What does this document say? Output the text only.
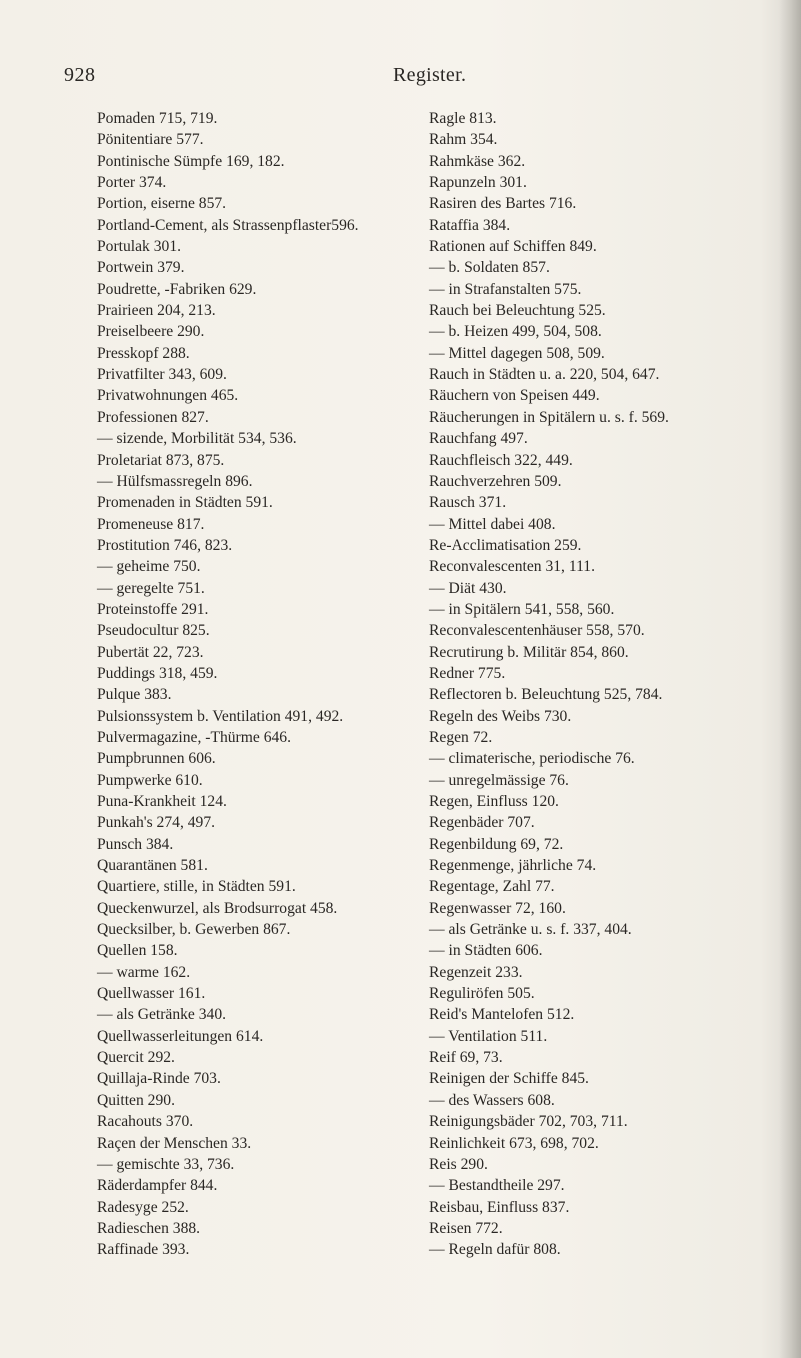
928	Register.
Pomaden 715, 719.
Pönitentiare 577.
Pontinische Sümpfe 169, 182.
Porter 374.
Portion, eiserne 857.
Portland-Cement, als Strassenpflaster596.
Portulak 301.
Portwein 379.
Poudrette, -Fabriken 629.
Prairieen 204, 213.
Preiselbeere 290.
Presskopf 288.
Privatfilter 343, 609.
Privatwohnungen 465.
Professionen 827.
— sizende, Morbilität 534, 536.
Proletariat 873, 875.
— Hülfsmassregeln 896.
Promenaden in Städten 591.
Promeneuse 817.
Prostitution 746, 823.
— geheime 750.
— geregelte 751.
Proteinstoffe 291.
Pseudocultur 825.
Pubertät 22, 723.
Puddings 318, 459.
Pulque 383.
Pulsionssystem b. Ventilation 491, 492.
Pulvermagazine, -Thürme 646.
Pumpbrunnen 606.
Pumpwerke 610.
Puna-Krankheit 124.
Punkah's 274, 497.
Punsch 384.
Quarantänen 581.
Quartiere, stille, in Städten 591.
Queckenwurzel, als Brodsurrogat 458.
Quecksilber, b. Gewerben 867.
Quellen 158.
— warme 162.
Quellwasser 161.
— als Getränke 340.
Quellwasserleitungen 614.
Quercit 292.
Quillaja-Rinde 703.
Quitten 290.
Racahouts 370.
Raçen der Menschen 33.
— gemischte 33, 736.
Räderdampfer 844.
Radesyge 252.
Radieschen 388.
Raffinade 393.
Ragle 813.
Rahm 354.
Rahmkäse 362.
Rapunzeln 301.
Rasiren des Bartes 716.
Rataffia 384.
Rationen auf Schiffen 849.
— b. Soldaten 857.
— in Strafanstalten 575.
Rauch bei Beleuchtung 525.
— b. Heizen 499, 504, 508.
— Mittel dagegen 508, 509.
Rauch in Städten u. a. 220, 504, 647.
Räuchern von Speisen 449.
Räucherungen in Spitälern u. s. f. 569.
Rauchfang 497.
Rauchfleisch 322, 449.
Rauchverzehren 509.
Rausch 371.
— Mittel dabei 408.
Re-Acclimatisation 259.
Reconvalescenten 31, 111.
— Diät 430.
— in Spitälern 541, 558, 560.
Reconvalescentenhäuser 558, 570.
Recrutirung b. Militär 854, 860.
Redner 775.
Reflectoren b. Beleuchtung 525, 784.
Regeln des Weibs 730.
Regen 72.
— climaterische, periodische 76.
— unregelmässige 76.
Regen, Einfluss 120.
Regenbäder 707.
Regenbildung 69, 72.
Regenmenge, jährliche 74.
Regentage, Zahl 77.
Regenwasser 72, 160.
— als Getränke u. s. f. 337, 404.
— in Städten 606.
Regenzeit 233.
Reguliröfen 505.
Reid's Mantelofen 512.
— Ventilation 511.
Reif 69, 73.
Reinigen der Schiffe 845.
— des Wassers 608.
Reinigungsbäder 702, 703, 711.
Reinlichkeit 673, 698, 702.
Reis 290.
— Bestandtheile 297.
Reisbau, Einfluss 837.
Reisen 772.
— Regeln dafür 808.
